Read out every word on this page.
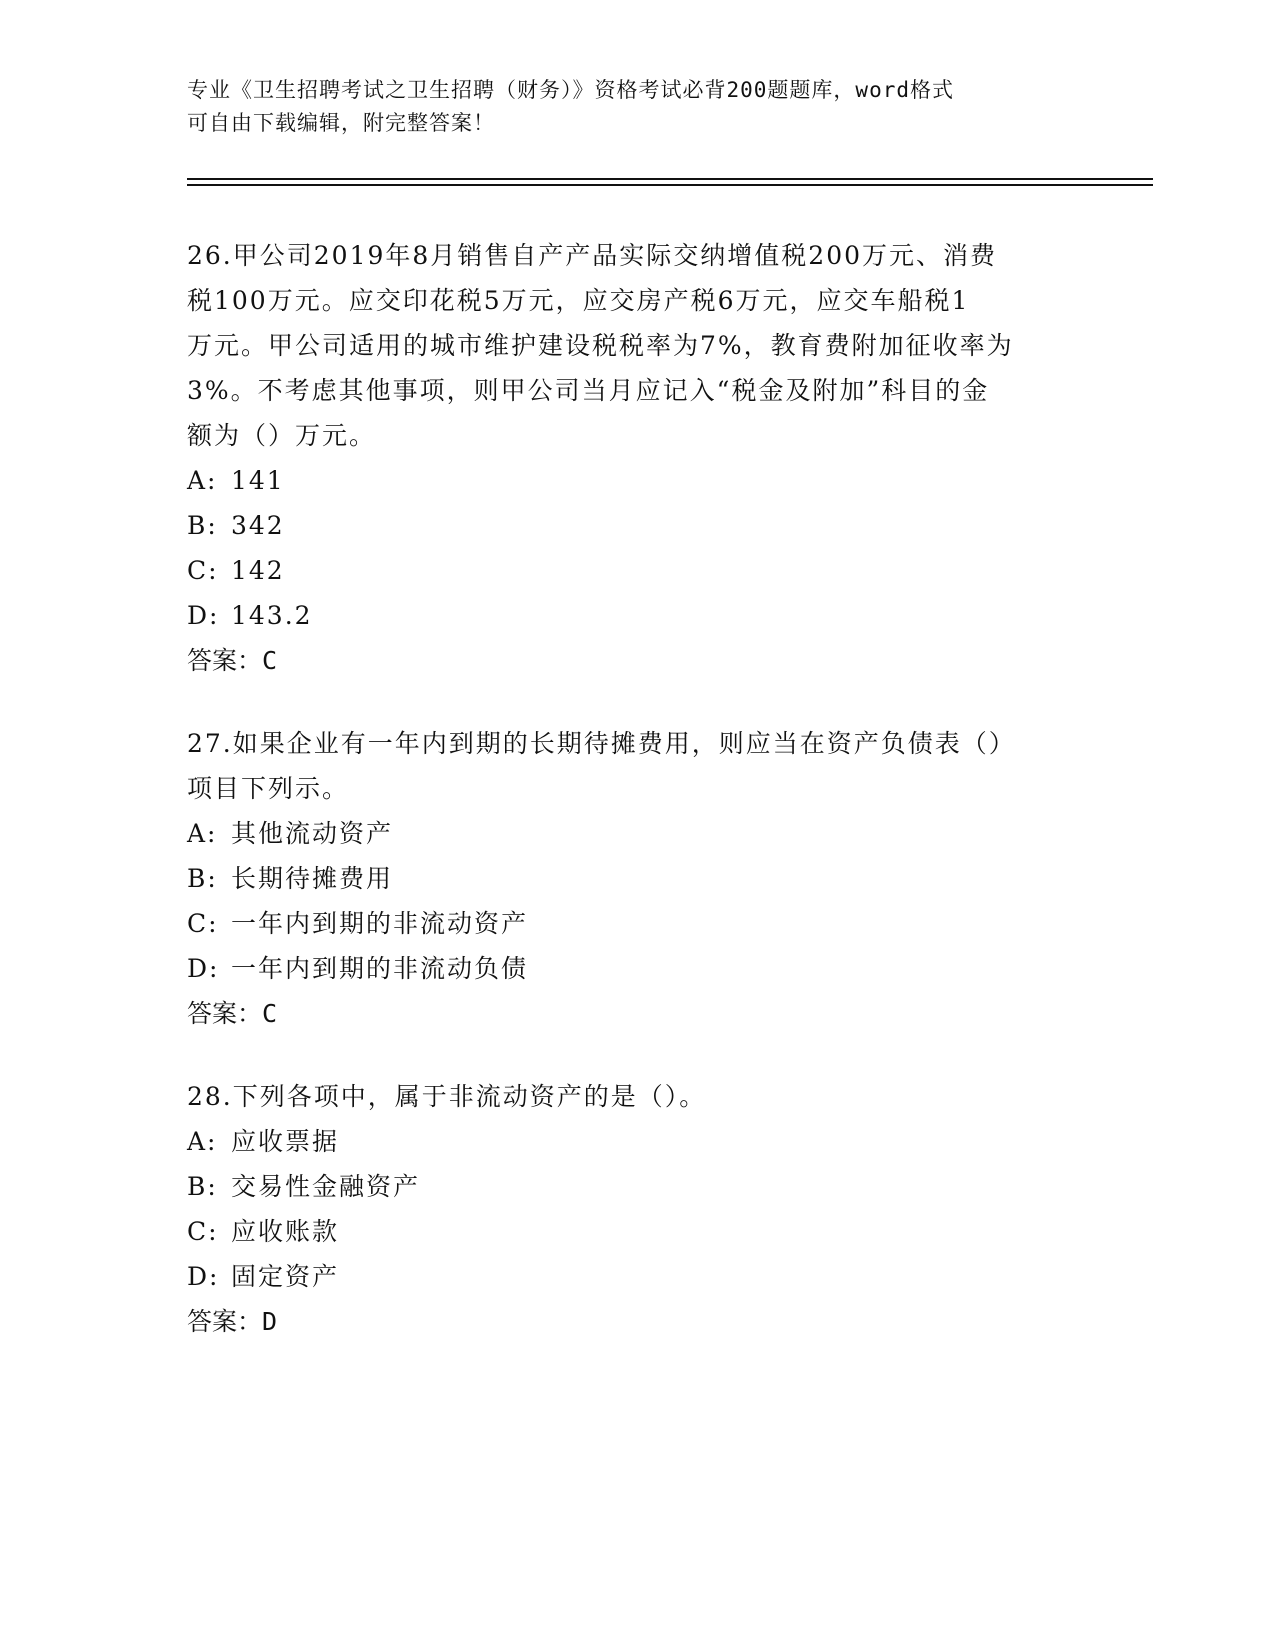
专业《卫生招聘考试之卫生招聘（财务）》资格考试必背200题题库，word格式
可自由下载编辑，附完整答案！
26.甲公司2019年8月销售自产产品实际交纳增值税200万元、消费
税100万元。应交印花税5万元，应交房产税6万元，应交车船税1
万元。甲公司适用的城市维护建设税税率为7%，教育费附加征收率为
3%。不考虑其他事项，则甲公司当月应记入“税金及附加”科目的金
额为（）万元。
A: 141
B: 342
C: 142
D: 143.2
答案：C
27.如果企业有一年内到期的长期待摊费用，则应当在资产负债表（）
项目下列示。
A: 其他流动资产
B: 长期待摊费用
C: 一年内到期的非流动资产
D: 一年内到期的非流动负债
答案：C
28.下列各项中，属于非流动资产的是（）。
A: 应收票据
B: 交易性金融资产
C: 应收账款
D: 固定资产
答案：D
